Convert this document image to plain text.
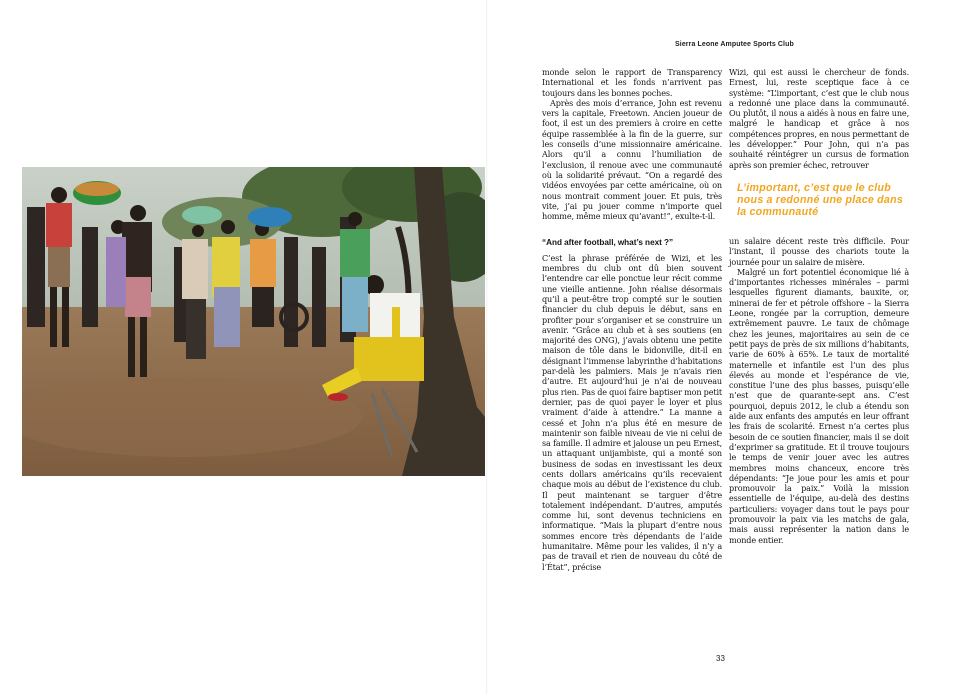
Sierra Leone Amputee Sports Club

monde selon le rapport de Transparency International et les fonds n’arrivent pas toujours dans les bonnes poches.

Après des mois d’errance, John est revenu vers la capitale, Freetown. Ancien joueur de foot, il est un des premiers à croire en cette équipe rassemblée à la fin de la guerre, sur les conseils d’une missionnaire américaine. Alors qu’il a connu l’humiliation de l’exclusion, il renoue avec une communauté où la solidarité prévaut. “On a regardé des vidéos envoyées par cette américaine, où on nous montrait comment jouer. Et puis, très vite, j’ai pu jouer comme n’importe quel homme, même mieux qu’avant!”, exulte-t-il.

“And after football, what’s next ?”

C’est la phrase préférée de Wizi, et les membres du club ont dû bien souvent l’entendre car elle ponctue leur récit comme une vieille antienne. John réalise désormais qu’il a peut-être trop compté sur le soutien financier du club depuis le début, sans en profiter pour s’organiser et se construire un avenir. “Grâce au club et à ses soutiens (en majorité des ONG), j’avais obtenu une petite maison de tôle dans le bidonville, dit-il en désignant l’immense labyrinthe d’habitations par-delà les palmiers. Mais je n’avais rien d’autre. Et aujourd’hui je n’ai de nouveau plus rien. Pas de quoi faire baptiser mon petit dernier, pas de quoi payer le loyer et plus vraiment d’aide à attendre.” La manne a cessé et John n’a plus été en mesure de maintenir son faible niveau de vie ni celui de sa famille. Il admire et jalouse un peu Ernest, un attaquant unijambiste, qui a monté son business de sodas en investissant les deux cents dollars américains qu’ils recevaient chaque mois au début de l’existence du club. Il peut maintenant se targuer d’être totalement indépendant. D’autres, amputés comme lui, sont devenus techniciens en informatique. “Mais la plupart d’entre nous sommes encore très dépendants de l’aide humanitaire. Même pour les valides, il n’y a pas de travail et rien de nouveau du côté de l’État”, précise

Wizi, qui est aussi le chercheur de fonds. Ernest, lui, reste sceptique face à ce système: “L’important, c’est que le club nous a redonné une place dans la communauté. Ou plutôt, il nous a aidés à nous en faire une, malgré le handicap et grâce à nos compétences propres, en nous permettant de les développer.” Pour John, qui n’a pas souhaité réintégrer un cursus de formation après son premier échec, retrouver

L’important, c’est que le club nous a redonné une place dans la communauté

un salaire décent reste très difficile. Pour l’instant, il pousse des chariots toute la journée pour un salaire de misère.

Malgré un fort potentiel économique lié à d’importantes richesses minérales – parmi lesquelles figurent diamants, bauxite, or, minerai de fer et pétrole offshore – la Sierra Leone, rongée par la corruption, demeure extrêmement pauvre. Le taux de chômage chez les jeunes, majoritaires au sein de ce petit pays de près de six millions d’habitants, varie de 60% à 65%. Le taux de mortalité maternelle et infantile est l’un des plus élevés au monde et l’espérance de vie, constitue l’une des plus basses, puisqu’elle n’est que de quarante-sept ans. C’est pourquoi, depuis 2012, le club a étendu son aide aux enfants des amputés en leur offrant les frais de scolarité. Ernest n’a certes plus besoin de ce soutien financier, mais il se doit d’exprimer sa gratitude. Et il trouve toujours le temps de venir jouer avec les autres membres moins chanceux, encore très dépendants: “Je joue pour les amis et pour promouvoir la paix.” Voilà la mission essentielle de l’équipe, au-delà des destins particuliers: voyager dans tout le pays pour promouvoir la paix via les matchs de gala, mais aussi représenter la nation dans le monde entier.

33
